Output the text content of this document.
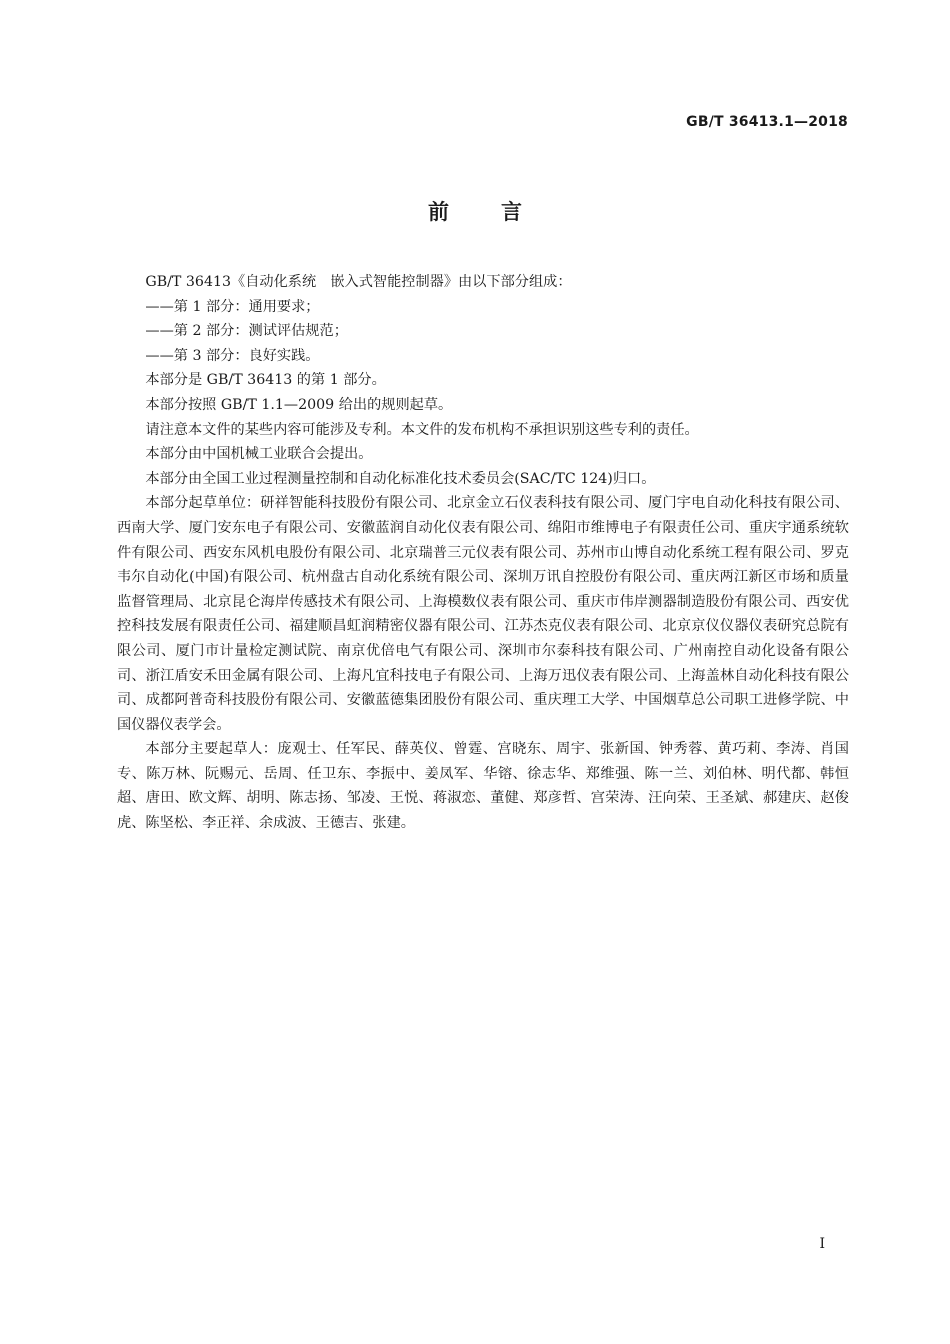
GB/T 36413.1—2018
前言

GB/T 36413《自动化系统　嵌入式智能控制器》由以下部分组成：

——第 1 部分：通用要求；

——第 2 部分：测试评估规范；

——第 3 部分：良好实践。

本部分是 GB/T 36413 的第 1 部分。

本部分按照 GB/T 1.1—2009 给出的规则起草。

请注意本文件的某些内容可能涉及专利。本文件的发布机构不承担识别这些专利的责任。

本部分由中国机械工业联合会提出。

本部分由全国工业过程测量控制和自动化标准化技术委员会(SAC/TC 124)归口。

本部分起草单位：研祥智能科技股份有限公司、北京金立石仪表科技有限公司、厦门宇电自动化科技有限公司、西南大学、厦门安东电子有限公司、安徽蓝润自动化仪表有限公司、绵阳市维博电子有限责任公司、重庆宇通系统软件有限公司、西安东风机电股份有限公司、北京瑞普三元仪表有限公司、苏州市山博自动化系统工程有限公司、罗克韦尔自动化(中国)有限公司、杭州盘古自动化系统有限公司、深圳万讯自控股份有限公司、重庆两江新区市场和质量监督管理局、北京昆仑海岸传感技术有限公司、上海模数仪表有限公司、重庆市伟岸测器制造股份有限公司、西安优控科技发展有限责任公司、福建顺昌虹润精密仪器有限公司、江苏杰克仪表有限公司、北京京仪仪器仪表研究总院有限公司、厦门市计量检定测试院、南京优倍电气有限公司、深圳市尔泰科技有限公司、广州南控自动化设备有限公司、浙江盾安禾田金属有限公司、上海凡宜科技电子有限公司、上海万迅仪表有限公司、上海盖林自动化科技有限公司、成都阿普奇科技股份有限公司、安徽蓝德集团股份有限公司、重庆理工大学、中国烟草总公司职工进修学院、中国仪器仪表学会。

本部分主要起草人：庞观士、任军民、薛英仪、曾霆、宫晓东、周宇、张新国、钟秀蓉、黄巧莉、李涛、肖国专、陈万林、阮赐元、岳周、任卫东、李振中、姜凤军、华镕、徐志华、郑维强、陈一兰、刘伯林、明代都、韩恒超、唐田、欧文辉、胡明、陈志扬、邹凌、王悦、蒋淑恋、董健、郑彦哲、宫荣涛、汪向荣、王圣斌、郝建庆、赵俊虎、陈坚松、李正祥、余成波、王德吉、张建。

I
